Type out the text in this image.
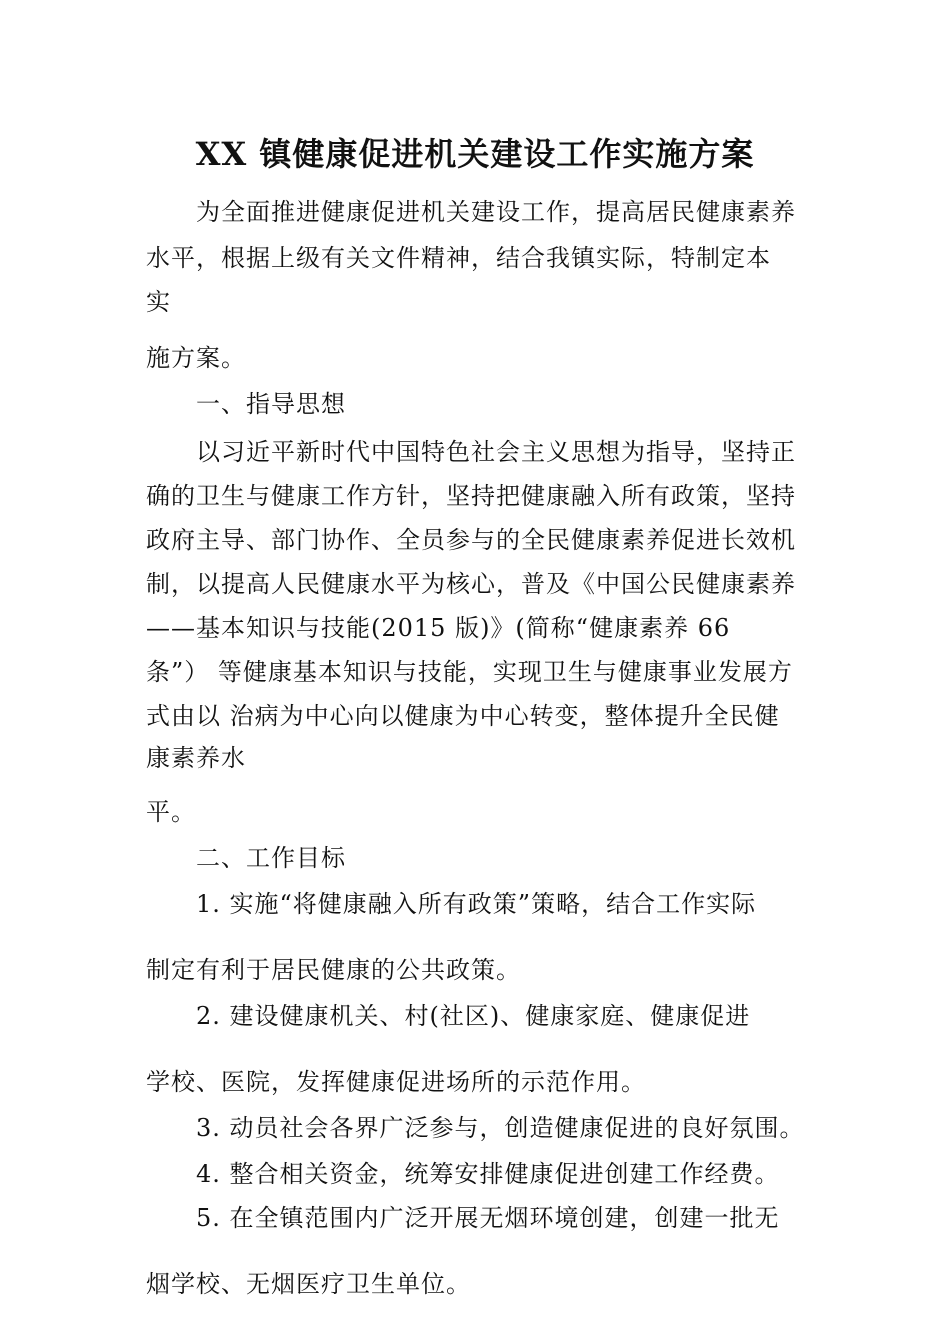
XX 镇健康促进机关建设工作实施方案
为全面推进健康促进机关建设工作，提高居民健康素养
水平，根据上级有关文件精神，结合我镇实际，特制定本
实
施方案。
一、指导思想
以习近平新时代中国特色社会主义思想为指导，坚持正
确的卫生与健康工作方针，坚持把健康融入所有政策，坚持
政府主导、部门协作、全员参与的全民健康素养促进长效机
制，以提高人民健康水平为核心，普及《中国公民健康素养
——基本知识与技能(2015 版)》(简称“健康素养 66
条”） 等健康基本知识与技能，实现卫生与健康事业发展方
式由以 治病为中心向以健康为中心转变，整体提升全民健
康素养水
平。
二、工作目标
1. 实施“将健康融入所有政策”策略，结合工作实际
制定有利于居民健康的公共政策。
2. 建设健康机关、村(社区)、健康家庭、健康促进
学校、医院，发挥健康促进场所的示范作用。
3. 动员社会各界广泛参与，创造健康促进的良好氛围。
4. 整合相关资金，统筹安排健康促进创建工作经费。
5. 在全镇范围内广泛开展无烟环境创建，创建一批无
烟学校、无烟医疗卫生单位。
